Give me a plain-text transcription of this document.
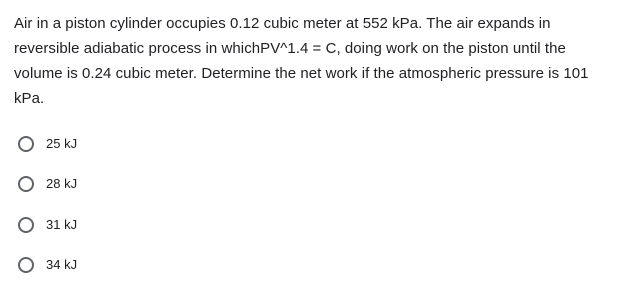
Air in a piston cylinder occupies 0.12 cubic meter at 552 kPa. The air expands in reversible adiabatic process in whichPV^1.4 = C, doing work on the piston until the volume is 0.24 cubic meter. Determine the net work if the atmospheric pressure is 101 kPa.

25 kJ
28 kJ
31 kJ
34 kJ
